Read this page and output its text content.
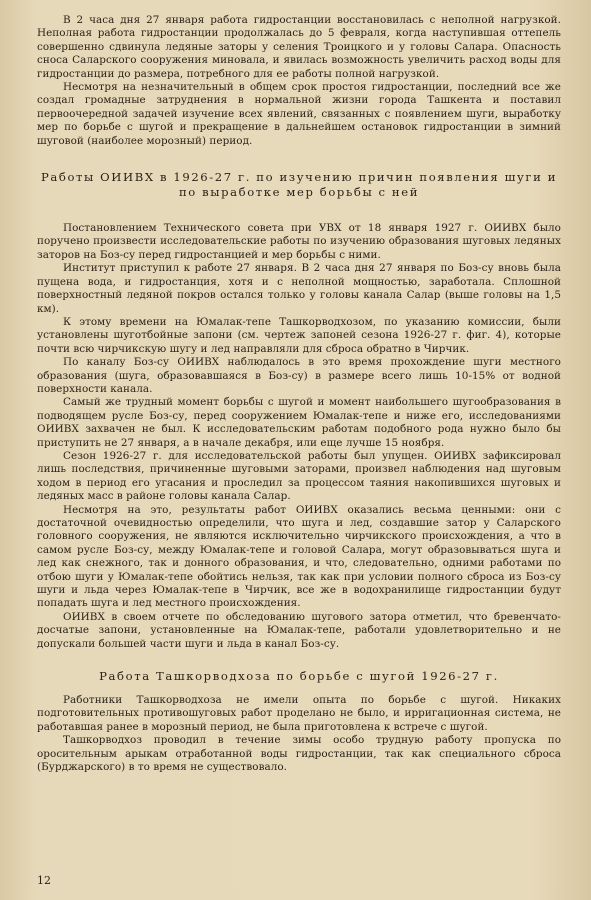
В 2 часа дня 27 января работа гидростанции восстановилась с неполной нагрузкой. Неполная работа гидростанции продолжалась до 5 февраля, когда наступившая оттепель совершенно сдвинула ледяные заторы у селения Троицкого и у головы Салара. Опасность сноса Саларского сооружения миновала, и явилась возможность увеличить расход воды для гидростанции до размера, потребного для ее работы полной нагрузкой.

Несмотря на незначительный в общем срок простоя гидростанции, последний все же создал громадные затруднения в нормальной жизни города Ташкента и поставил первоочередной задачей изучение всех явлений, связанных с появлением шуги, выработку мер по борьбе с шугой и прекращение в дальнейшем остановок гидростанции в зимний шуговой (наиболее морозный) период.

Работы ОИИВХ в 1926-27 г. по изучению причин появления шуги и по выработке мер борьбы с ней

Постановлением Технического совета при УВХ от 18 января 1927 г. ОИИВХ было поручено произвести исследовательские работы по изучению образования шуговых ледяных заторов на Боз-су перед гидростанцией и мер борьбы с ними.

Институт приступил к работе 27 января. В 2 часа дня 27 января по Боз-су вновь была пущена вода, и гидростанция, хотя и с неполной мощностью, заработала. Сплошной поверхностный ледяной покров остался только у головы канала Салар (выше головы на 1,5 км).

К этому времени на Юмалак-тепе Ташкорводхозом, по указанию комиссии, были установлены шуготбойные запони (см. чертеж запоней сезона 1926-27 г. фиг. 4), которые почти всю чирчикскую шугу и лед направляли для сброса обратно в Чирчик.

По каналу Боз-су ОИИВХ наблюдалось в это время прохождение шуги местного образования (шуга, образовавшаяся в Боз-су) в размере всего лишь 10-15% от водной поверхности канала.

Самый же трудный момент борьбы с шугой и момент наибольшего шугообразования в подводящем русле Боз-су, перед сооружением Юмалак-тепе и ниже его, исследованиями ОИИВХ захвачен не был. К исследовательским работам подобного рода нужно было бы приступить не 27 января, а в начале декабря, или еще лучше 15 ноября.

Сезон 1926-27 г. для исследовательской работы был упущен. ОИИВХ зафиксировал лишь последствия, причиненные шуговыми заторами, произвел наблюдения над шуговым ходом в период его угасания и проследил за процессом таяния накопившихся шуговых и ледяных масс в районе головы канала Салар.

Несмотря на это, результаты работ ОИИВХ оказались весьма ценными: они с достаточной очевидностью определили, что шуга и лед, создавшие затор у Саларского головного сооружения, не являются исключительно чирчикского происхождения, а что в самом русле Боз-су, между Юмалак-тепе и головой Салара, могут образовываться шуга и лед как снежного, так и донного образования, и что, следовательно, одними работами по отбою шуги у Юмалак-тепе обойтись нельзя, так как при условии полного сброса из Боз-су шуги и льда через Юмалак-тепе в Чирчик, все же в водохранилище гидростанции будут попадать шуга и лед местного происхождения.

ОИИВХ в своем отчете по обследованию шугового затора отметил, что бревенчато-досчатые запони, установленные на Юмалак-тепе, работали удовлетворительно и не допускали большей части шуги и льда в канал Боз-су.

Работа Ташкорводхоза по борьбе с шугой 1926-27 г.

Работники Ташкорводхоза не имели опыта по борьбе с шугой. Никаких подготовительных противошуговых работ проделано не было, и ирригационная система, не работавшая ранее в морозный период, не была приготовлена к встрече с шугой.

Ташкорводхоз проводил в течение зимы особо трудную работу пропуска по оросительным арыкам отработанной воды гидростанции, так как специального сброса (Бурджарского) в то время не существовало.

12
